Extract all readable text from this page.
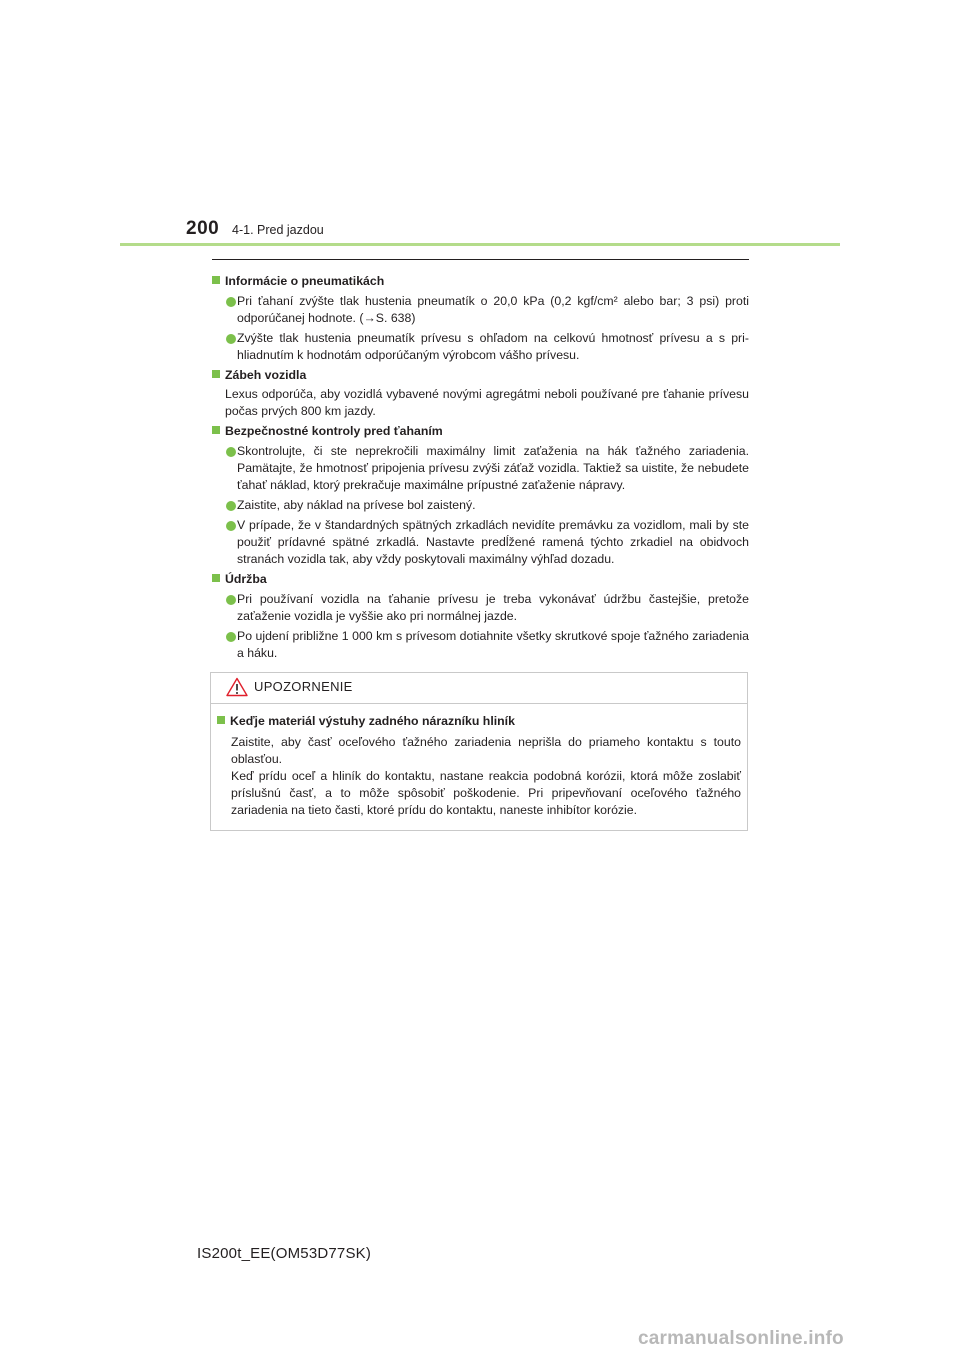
200 4-1. Pred jazdou
Informácie o pneumatikách
Pri ťahaní zvýšte tlak hustenia pneumatík o 20,0 kPa (0,2 kgf/cm² alebo bar; 3 psi) proti odporúčanej hodnote. (→S. 638)
Zvýšte tlak hustenia pneumatík prívesu s ohľadom na celkovú hmotnosť prívesu a s prihliadnutím k hodnotám odporúčaným výrobcom vášho prívesu.
Zábeh vozidla
Lexus odporúča, aby vozidlá vybavené novými agregátmi neboli používané pre ťahanie prívesu počas prvých 800 km jazdy.
Bezpečnostné kontroly pred ťahaním
Skontrolujte, či ste neprekročili maximálny limit zaťaženia na hák ťažného zariadenia. Pamätajte, že hmotnosť pripojenia prívesu zvýši záťaž vozidla. Taktiež sa uistite, že nebudete ťahať náklad, ktorý prekračuje maximálne prípustné zaťaženie nápravy.
Zaistite, aby náklad na prívese bol zaistený.
V prípade, že v štandardných spätných zrkadlách nevidíte premávku za vozidlom, mali by ste použiť prídavné spätné zrkadlá. Nastavte predĺžené ramená týchto zrkadiel na obidvoch stranách vozidla tak, aby vždy poskytovali maximálny výhľad dozadu.
Údržba
Pri používaní vozidla na ťahanie prívesu je treba vykonávať údržbu častejšie, pretože zaťaženie vozidla je vyššie ako pri normálnej jazde.
Po ujdení približne 1 000 km s prívesom dotiahnite všetky skrutkové spoje ťažného zariadenia a háku.
UPOZORNENIE
Keďje materiál výstuhy zadného nárazníku hliník
Zaistite, aby časť oceľového ťažného zariadenia neprišla do priameho kontaktu s touto oblasťou.
Keď prídu oceľ a hliník do kontaktu, nastane reakcia podobná korózii, ktorá môže zoslabiť príslušnú časť, a to môže spôsobiť poškodenie. Pri pripevňovaní oceľového ťažného zariadenia na tieto časti, ktoré prídu do kontaktu, naneste inhibítor korózie.
IS200t_EE(OM53D77SK)
carmanualsonline.info
